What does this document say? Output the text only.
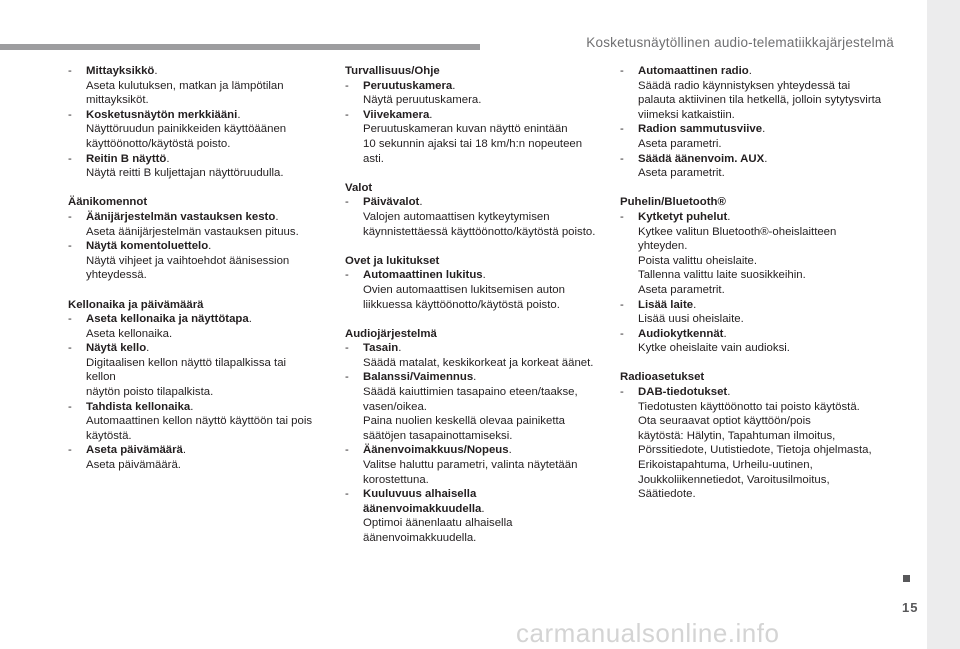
Kosketusnäytöllinen audio-telematiikkajärjestelmä
- Mittayksikkö.
Aseta kulutuksen, matkan ja lämpötilan
mittayksiköt.
- Kosketusnäytön merkkiääni.
Näyttöruudun painikkeiden käyttöäänen
käyttöönotto/käytöstä poisto.
- Reitin B näyttö.
Näytä reitti B kuljettajan näyttöruudulla.
Äänikomennot
- Äänijärjestelmän vastauksen kesto.
Aseta äänijärjestelmän vastauksen pituus.
- Näytä komentoluettelo.
Näytä vihjeet ja vaihtoehdot äänisession
yhteydessä.
Kellonaika ja päivämäärä
- Aseta kellonaika ja näyttötapa.
Aseta kellonaika.
- Näytä kello.
Digitaalisen kellon näyttö tilapalkissa tai kellon
näytön poisto tilapalkista.
- Tahdista kellonaika.
Automaattinen kellon näyttö käyttöön tai pois
käytöstä.
- Aseta päivämäärä.
Aseta päivämäärä.
Turvallisuus/Ohje
- Peruutuskamera.
Näytä peruutuskamera.
- Viivekamera.
Peruutuskameran kuvan näyttö enintään
10 sekunnin ajaksi tai 18 km/h:n nopeuteen asti.
Valot
- Päivävalot.
Valojen automaattisen kytkeytymisen
käynnistettäessä käyttöönotto/käytöstä poisto.
Ovet ja lukitukset
- Automaattinen lukitus.
Ovien automaattisen lukitsemisen auton
liikkuessa käyttöönotto/käytöstä poisto.
Audiojärjestelmä
- Tasain.
Säädä matalat, keskikorkeat ja korkeat äänet.
- Balanssi/Vaimennus.
Säädä kaiuttimien tasapaino eteen/taakse,
vasen/oikea.
Paina nuolien keskellä olevaa painiketta
säätöjen tasapainottamiseksi.
- Äänenvoimakkuus/Nopeus.
Valitse haluttu parametri, valinta näytetään
korostettuna.
- Kuuluvuus alhaisella äänenvoimakkuudella.
Optimoi äänenlaatu alhaisella
äänenvoimakkuudella.
- Automaattinen radio.
Säädä radio käynnistyksen yhteydessä tai
palauta aktiivinen tila hetkellä, jolloin sytytysvirta
viimeksi katkaistiin.
- Radion sammutusviive.
Aseta parametri.
- Säädä äänenvoim. AUX.
Aseta parametrit.
Puhelin/Bluetooth®
- Kytketyt puhelut.
Kytkee valitun Bluetooth®-oheislaitteen
yhteyden.
Poista valittu oheislaite.
Tallenna valittu laite suosikkeihin.
Aseta parametrit.
- Lisää laite.
Lisää uusi oheislaite.
- Audiokytkennät.
Kytke oheislaite vain audioksi.
Radioasetukset
- DAB-tiedotukset.
Tiedotusten käyttöönotto tai poisto käytöstä.
Ota seuraavat optiot käyttöön/pois
käytöstä: Hälytin, Tapahtuman ilmoitus,
Pörssitiedote, Uutistiedote, Tietoja ohjelmasta,
Erikoistapahtuma, Urheilu-uutinen,
Joukkoliikennetiedot, Varoitusilmoitus,
Säätiedote.
15
carmanualsonline.info
